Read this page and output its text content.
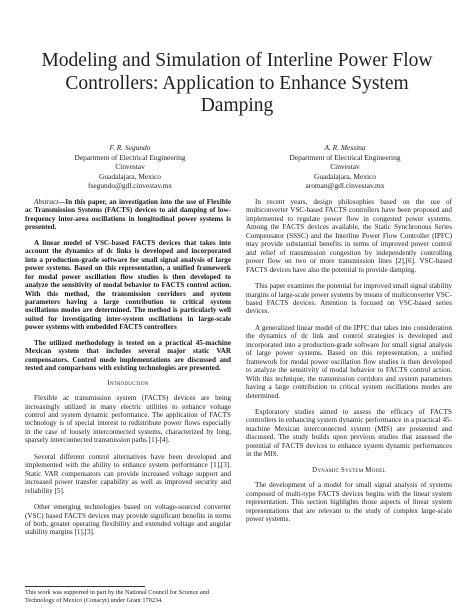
Modeling and Simulation of Interline Power Flow
Controllers: Application to Enhance System
Damping
F. R. Segundo
Department of Electrical Engineering
Cinvestav
Guadalajara, Mexico
fsegundo@gdl.cinvestav.mx
A. R. Messina
Department of Electrical Engineering
Cinvestav
Guadalajara, Mexico
aroman@gdl.cinvestav.mx

Abstract—In this paper, an investigation into the use of Flexible ac Transmission Systems (FACTS) devices to aid damping of low-frequency inter-area oscillations in longitudinal power systems is presented.

A linear model of VSC-based FACTS devices that takes into account the dynamics of dc links is developed and incorporated into a production-grade software for small signal analysis of large power systems. Based on this representation, a unified framework for modal power oscillation flow studies is then developed to analyze the sensitivity of modal behavior to FACTS control action. With this method, the transmission corridors and system parameters having a large contribution to critical system oscillations modes are determined. The method is particularly well suited for investigating inter-system oscillations in large-scale power systems with embedded FACTS controllers

The utilized methodology is tested on a practical 45-machine Mexican system that includes several major static VAR compensators. Control mode implementations are discussed and tested and comparisons with existing technologies are presented.

Introduction

Flexible ac transmission system (FACTS) devices are being increasingly utilized in many electric utilities to enhance voltage control and system dynamic performance. The application of FACTS technology is of special interest to redistribute power flows especially in the case of loosely interconnected systems, characterized by long, sparsely interconnected transmission paths [1]-[4].

Several different control alternatives have been developed and implemented with the ability to enhance system performance [1],[3]. Static VAR compensators can provide increased voltage support and increased power transfer capability as well as improved security and reliability [5].

Other emerging technologies based on voltage-sourced converter (VSC) based FACTS devices may provide significant benefits in terms of both, greater operating flexibility and extended voltage and angular stability margins [1],[3].

In recent years, design philosophies based on the use of multiconverter VSC-based FACTS controllers have been proposed and implemented to regulate power flow in congested power systems. Among the FACTS devices available, the Static Synchronous Series Compensator (SSSC) and the Interline Power Flow Controller (IPFC) may provide substantial benefits in terms of improved power control and relief of transmission congestion by independently controlling power flow on two or more transmission lines [2],[6]. VSC-based FACTS devices have also the potential to provide damping.

This paper examines the potential for improved small signal stability margins of large-scale power systems by means of multiconverter VSC-based FACTS devices. Attention is focused on VSC-based series devices.

A generalized linear model of the IPFC that takes into consideration the dynamics of dc link and control strategies is developed and incorporated into a production-grade software for small signal analysis of large power systems. Based on this representation, a unified framework for modal power oscillation flow studies is then developed to analyze the sensitivity of modal behavior to FACTS control action. With this technique, the transmission corridors and system parameters having a large contribution to critical system oscillations modes are determined.

Exploratory studies aimed to assess the efficacy of FACTS controllers in enhancing system dynamic performance in a practical 45-machine Mexican interconnected system (MIS) are presented and discussed. The study builds upon previous studies that assessed the potential of FACTS devices to enhance system dynamic performances in the MIS.

Dynamic System Model

The development of a model for small signal analysis of systems composed of multi-type FACTS devices begins with the linear system representation. This section highlights those aspects of linear system representations that are relevant to the study of complex large-scale power systems.

This work was supported in part by the National Council for Science and Technology of Mexico (Conacyt) under Grant 170234.
